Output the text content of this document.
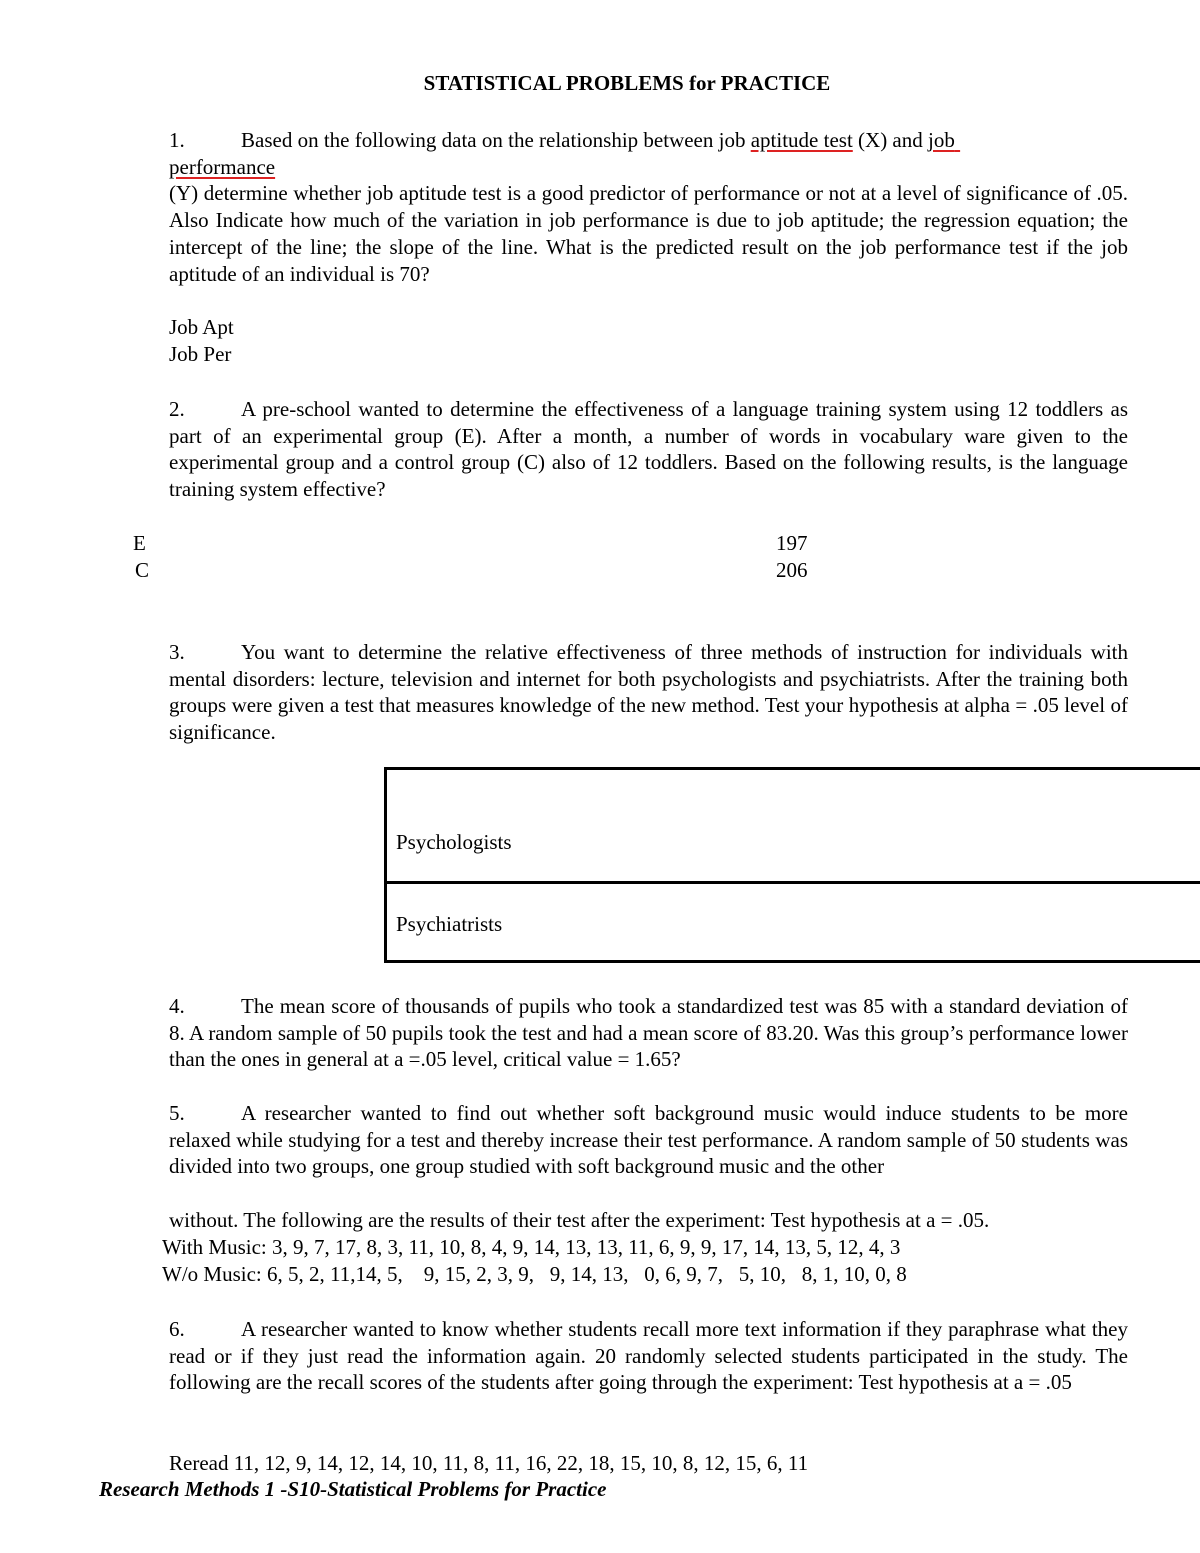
STATISTICAL PROBLEMS for PRACTICE
1.	Based on the following data on the relationship between job aptitude test (X) and job
performance
(Y) determine whether job aptitude test is a good predictor of performance or not at a level of significance of .05. Also Indicate how much of the variation in job performance is due to job aptitude; the regression equation; the intercept of the line; the slope of the line. What is the predicted result on the job performance test if the job aptitude of an individual is 70?
Job Apt
Job Per
2.	A pre-school wanted to determine the effectiveness of a language training system using 12 toddlers as part of an experimental group (E). After a month, a number of words in vocabulary ware given to the experimental group and a control group (C) also of 12 toddlers. Based on the following results, is the language training system effective?
E	197
C	206
3.	You want to determine the relative effectiveness of three methods of instruction for individuals with mental disorders: lecture, television and internet for both psychologists and psychiatrists. After the training both groups were given a test that measures knowledge of the new method. Test your hypothesis at alpha = .05 level of significance.
Psychologists
Psychiatrists
4.	The mean score of thousands of pupils who took a standardized test was 85 with a standard deviation of 8. A random sample of 50 pupils took the test and had a mean score of 83.20. Was this group’s performance lower than the ones in general at a =.05 level, critical value = 1.65?
5.	A researcher wanted to find out whether soft background music would induce students to be more relaxed while studying for a test and thereby increase their test performance. A random sample of 50 students was divided into two groups, one group studied with soft background music and the other
without. The following are the results of their test after the experiment: Test hypothesis at a = .05.
With Music: 3, 9, 7, 17, 8, 3, 11, 10, 8, 4, 9, 14, 13, 13, 11, 6, 9, 9, 17, 14, 13, 5, 12, 4, 3
W/o Music: 6, 5, 2, 11,14, 5,    9, 15, 2, 3, 9,   9, 14, 13,   0, 6, 9, 7,   5, 10,   8, 1, 10, 0, 8
6.	A researcher wanted to know whether students recall more text information if they paraphrase what they read or if they just read the information again. 20 randomly selected students participated in the study. The following are the recall scores of the students after going through the experiment: Test hypothesis at a = .05
Reread 11, 12, 9, 14, 12, 14, 10, 11, 8, 11, 16, 22, 18, 15, 10, 8, 12, 15, 6, 11
Research Methods 1 -S10-Statistical Problems for Practice
